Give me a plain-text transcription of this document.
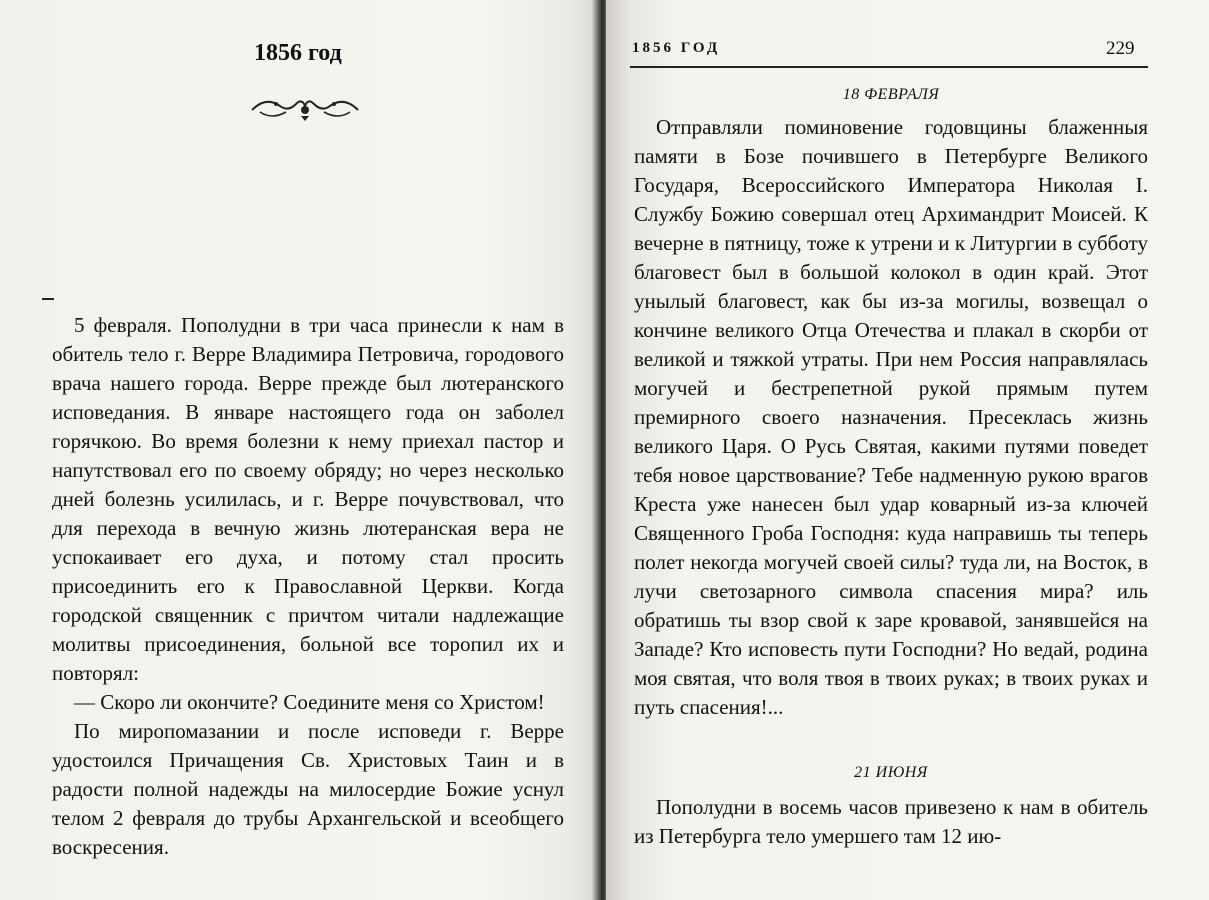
1856 год

5 февраля. Пополудни в три часа принесли к нам в обитель тело г. Верре Владимира Петровича, городового врача нашего города. Верре прежде был лютеранского исповедания. В январе настоящего года он заболел горячкою. Во время болезни к нему приехал пастор и напутствовал его по своему обряду; но через несколько дней болезнь усилилась, и г. Верре почувствовал, что для перехода в вечную жизнь лютеранская вера не успокаивает его духа, и потому стал просить присоединить его к Православной Церкви. Когда городской священник с причтом читали надлежащие молитвы присоединения, больной все торопил их и повторял:

— Скоро ли окончите? Соедините меня со Христом!

По миропомазании и после исповеди г. Верре удостоился Причащения Св. Христовых Таин и в радости полной надежды на милосердие Божие уснул телом 2 февраля до трубы Архангельской и всеобщего воскресения.

1856 ГОД	229
18 ФЕВРАЛЯ
21 ИЮНЯ

Отправляли поминовение годовщины блаженныя памяти в Бозе почившего в Петербурге Великого Государя, Всероссийского Императора Николая I. Службу Божию совершал отец Архимандрит Моисей. К вечерне в пятницу, тоже к утрени и к Литургии в субботу благовест был в большой колокол в один край. Этот унылый благовест, как бы из-за могилы, возвещал о кончине великого Отца Отечества и плакал в скорби от великой и тяжкой утраты. При нем Россия направлялась могучей и бестрепетной рукой прямым путем премирного своего назначения. Пресеклась жизнь великого Царя. О Русь Святая, какими путями поведет тебя новое царствование? Тебе надменную рукою врагов Креста уже нанесен был удар коварный из-за ключей Священного Гроба Господня: куда направишь ты теперь полет некогда могучей своей силы? туда ли, на Восток, в лучи светозарного символа спасения мира? иль обратишь ты взор свой к заре кровавой, занявшейся на Западе? Кто исповесть пути Господни? Но ведай, родина моя святая, что воля твоя в твоих руках; в твоих руках и путь спасения!...

Пополудни в восемь часов привезено к нам в обитель из Петербурга тело умершего там 12 ию-
